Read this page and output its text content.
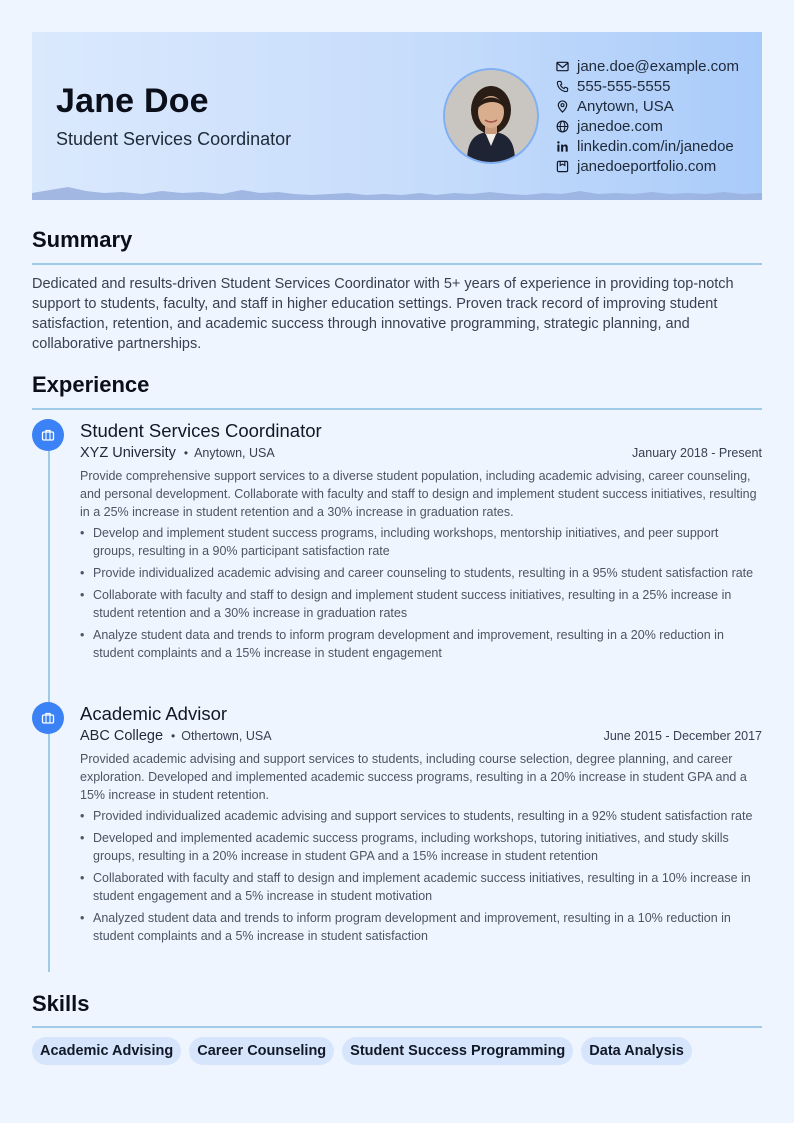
Jane Doe
Student Services Coordinator
jane.doe@example.com
555-555-5555
Anytown, USA
janedoe.com
linkedin.com/in/janedoe
janedoeportfolio.com
Summary
Dedicated and results-driven Student Services Coordinator with 5+ years of experience in providing top-notch support to students, faculty, and staff in higher education settings. Proven track record of improving student satisfaction, retention, and academic success through innovative programming, strategic planning, and collaborative partnerships.
Experience
Student Services Coordinator
XYZ University • Anytown, USA	January 2018 - Present
Provide comprehensive support services to a diverse student population, including academic advising, career counseling, and personal development. Collaborate with faculty and staff to design and implement student success initiatives, resulting in a 25% increase in student retention and a 30% increase in graduation rates.
• Develop and implement student success programs, including workshops, mentorship initiatives, and peer support groups, resulting in a 90% participant satisfaction rate
• Provide individualized academic advising and career counseling to students, resulting in a 95% student satisfaction rate
• Collaborate with faculty and staff to design and implement student success initiatives, resulting in a 25% increase in student retention and a 30% increase in graduation rates
• Analyze student data and trends to inform program development and improvement, resulting in a 20% reduction in student complaints and a 15% increase in student engagement
Academic Advisor
ABC College • Othertown, USA	June 2015 - December 2017
Provided academic advising and support services to students, including course selection, degree planning, and career exploration. Developed and implemented academic success programs, resulting in a 20% increase in student GPA and a 15% increase in student retention.
• Provided individualized academic advising and support services to students, resulting in a 92% student satisfaction rate
• Developed and implemented academic success programs, including workshops, tutoring initiatives, and study skills groups, resulting in a 20% increase in student GPA and a 15% increase in student retention
• Collaborated with faculty and staff to design and implement academic success initiatives, resulting in a 10% increase in student engagement and a 5% increase in student motivation
• Analyzed student data and trends to inform program development and improvement, resulting in a 10% reduction in student complaints and a 5% increase in student satisfaction
Skills
Academic Advising	Career Counseling	Student Success Programming	Data Analysis
